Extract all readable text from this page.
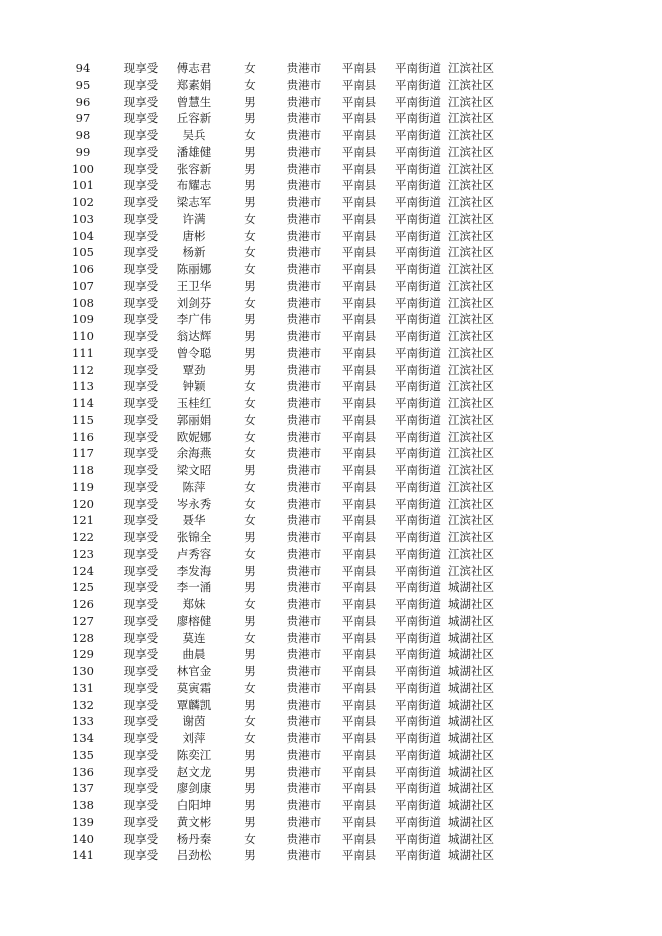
94	现享受	傅志君	女	贵港市	平南县	平南街道 江滨社区
95	现享受	郑素娟	女	贵港市	平南县	平南街道 江滨社区
96	现享受	曾慧生	男	贵港市	平南县	平南街道 江滨社区
97	现享受	丘容新	男	贵港市	平南县	平南街道 江滨社区
98	现享受	吴兵	女	贵港市	平南县	平南街道 江滨社区
99	现享受	潘雄健	男	贵港市	平南县	平南街道 江滨社区
100	现享受	张容新	男	贵港市	平南县	平南街道 江滨社区
101	现享受	布耀志	男	贵港市	平南县	平南街道 江滨社区
102	现享受	梁志军	男	贵港市	平南县	平南街道 江滨社区
103	现享受	许满	女	贵港市	平南县	平南街道 江滨社区
104	现享受	唐彬	女	贵港市	平南县	平南街道 江滨社区
105	现享受	杨新	女	贵港市	平南县	平南街道 江滨社区
106	现享受	陈丽娜	女	贵港市	平南县	平南街道 江滨社区
107	现享受	王卫华	男	贵港市	平南县	平南街道 江滨社区
108	现享受	刘剑芬	女	贵港市	平南县	平南街道 江滨社区
109	现享受	李广伟	男	贵港市	平南县	平南街道 江滨社区
110	现享受	翁达辉	男	贵港市	平南县	平南街道 江滨社区
111	现享受	曾令聪	男	贵港市	平南县	平南街道 江滨社区
112	现享受	覃劲	男	贵港市	平南县	平南街道 江滨社区
113	现享受	钟颖	女	贵港市	平南县	平南街道 江滨社区
114	现享受	玉桂红	女	贵港市	平南县	平南街道 江滨社区
115	现享受	郭丽娟	女	贵港市	平南县	平南街道 江滨社区
116	现享受	欧妮娜	女	贵港市	平南县	平南街道 江滨社区
117	现享受	余海燕	女	贵港市	平南县	平南街道 江滨社区
118	现享受	梁文昭	男	贵港市	平南县	平南街道 江滨社区
119	现享受	陈萍	女	贵港市	平南县	平南街道 江滨社区
120	现享受	岑永秀	女	贵港市	平南县	平南街道 江滨社区
121	现享受	聂华	女	贵港市	平南县	平南街道 江滨社区
122	现享受	张锦全	男	贵港市	平南县	平南街道 江滨社区
123	现享受	卢秀容	女	贵港市	平南县	平南街道 江滨社区
124	现享受	李发海	男	贵港市	平南县	平南街道 江滨社区
125	现享受	李一涌	男	贵港市	平南县	平南街道 城湖社区
126	现享受	郑妹	女	贵港市	平南县	平南街道 城湖社区
127	现享受	廖榕健	男	贵港市	平南县	平南街道 城湖社区
128	现享受	莫连	女	贵港市	平南县	平南街道 城湖社区
129	现享受	曲晨	男	贵港市	平南县	平南街道 城湖社区
130	现享受	林官金	男	贵港市	平南县	平南街道 城湖社区
131	现享受	莫寅霜	女	贵港市	平南县	平南街道 城湖社区
132	现享受	覃麟凯	男	贵港市	平南县	平南街道 城湖社区
133	现享受	谢茵	女	贵港市	平南县	平南街道 城湖社区
134	现享受	刘萍	女	贵港市	平南县	平南街道 城湖社区
135	现享受	陈奕江	男	贵港市	平南县	平南街道 城湖社区
136	现享受	赵文龙	男	贵港市	平南县	平南街道 城湖社区
137	现享受	廖剑康	男	贵港市	平南县	平南街道 城湖社区
138	现享受	白阳坤	男	贵港市	平南县	平南街道 城湖社区
139	现享受	黄文彬	男	贵港市	平南县	平南街道 城湖社区
140	现享受	杨丹秦	女	贵港市	平南县	平南街道 城湖社区
141	现享受	吕劲松	男	贵港市	平南县	平南街道 城湖社区
